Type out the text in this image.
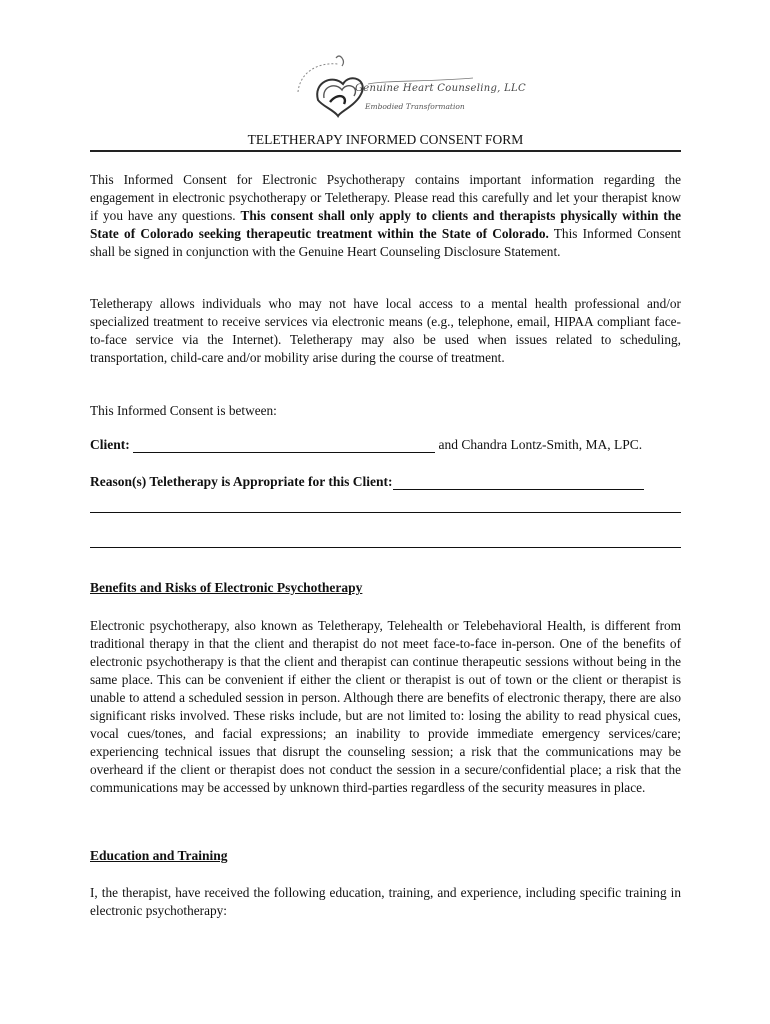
Genuine Heart Counseling, LLC
Embodied Transformation
TELETHERAPY INFORMED CONSENT FORM
This Informed Consent for Electronic Psychotherapy contains important information regarding the engagement in electronic psychotherapy or Teletherapy. Please read this carefully and let your therapist know if you have any questions. This consent shall only apply to clients and therapists physically within the State of Colorado seeking therapeutic treatment within the State of Colorado. This Informed Consent shall be signed in conjunction with the Genuine Heart Counseling Disclosure Statement.
Teletherapy allows individuals who may not have local access to a mental health professional and/or specialized treatment to receive services via electronic means (e.g., telephone, email, HIPAA compliant face-to-face service via the Internet). Teletherapy may also be used when issues related to scheduling, transportation, child-care and/or mobility arise during the course of treatment.
This Informed Consent is between:
Client:	and Chandra Lontz-Smith, MA, LPC.
Reason(s) Teletherapy is Appropriate for this Client:
Benefits and Risks of Electronic Psychotherapy
Electronic psychotherapy, also known as Teletherapy, Telehealth or Telebehavioral Health, is different from traditional therapy in that the client and therapist do not meet face-to-face in-person. One of the benefits of electronic psychotherapy is that the client and therapist can continue therapeutic sessions without being in the same place. This can be convenient if either the client or therapist is out of town or the client or therapist is unable to attend a scheduled session in person. Although there are benefits of electronic therapy, there are also significant risks involved. These risks include, but are not limited to: losing the ability to read physical cues, vocal cues/tones, and facial expressions; an inability to provide immediate emergency services/care; experiencing technical issues that disrupt the counseling session; a risk that the communications may be overheard if the client or therapist does not conduct the session in a secure/confidential place; a risk that the communications may be accessed by unknown third-parties regardless of the security measures in place.
Education and Training
I, the therapist, have received the following education, training, and experience, including specific training in electronic psychotherapy:
